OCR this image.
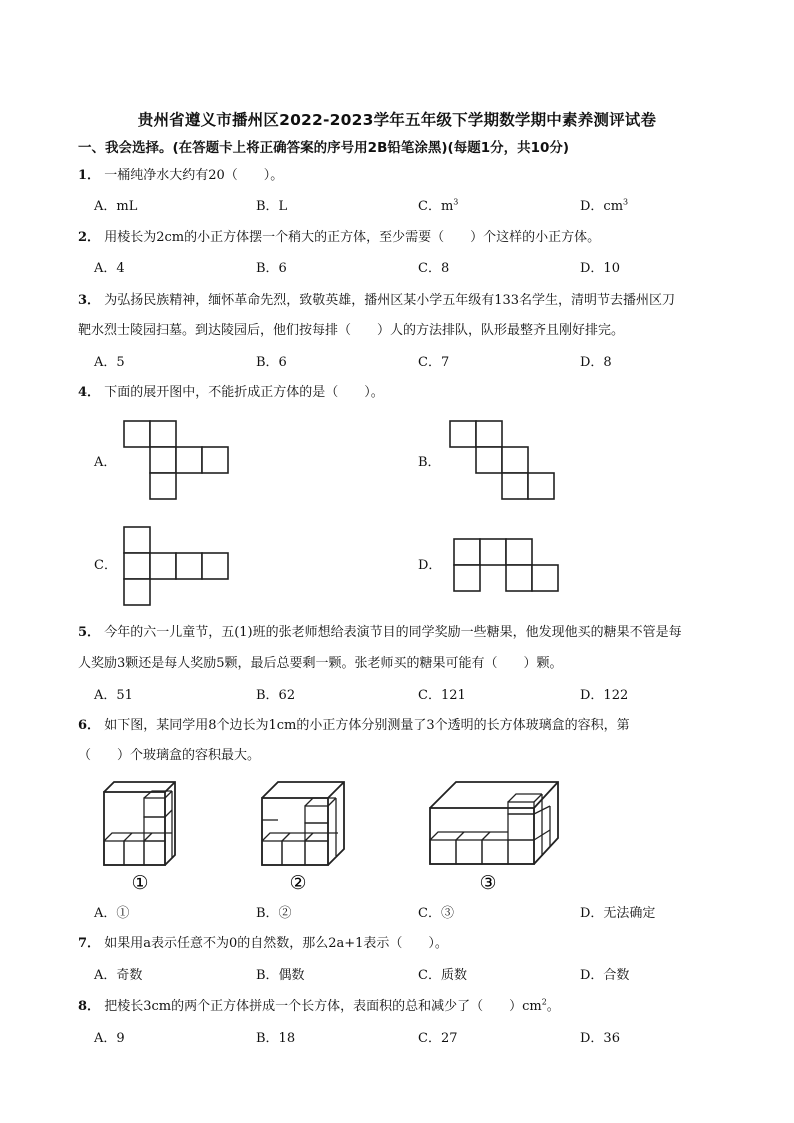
贵州省遵义市播州区2022-2023学年五年级下学期数学期中素养测评试卷
一、我会选择。(在答题卡上将正确答案的序号用2B铅笔涂黑)(每题1分，共10分)
1． 一桶纯净水大约有20（　　）。
A．mL	B．L	C．$m^3$	D．$cm^3$
2． 用棱长为2cm的小正方体摆一个稍大的正方体，至少需要（　　）个这样的小正方体。
A．4	B．6	C．8	D．10
3． 为弘扬民族精神，缅怀革命先烈，致敬英雄，播州区某小学五年级有133名学生，清明节去播州区刀
靶水烈士陵园扫墓。到达陵园后，他们按每排（　　）人的方法排队，队形最整齐且刚好排完。
A．5	B．6	C．7	D．8
4． 下面的展开图中，不能折成正方体的是（　　）。
A．	B．
C．	D．
5． 今年的六一儿童节，五(1)班的张老师想给表演节目的同学奖励一些糖果，他发现他买的糖果不管是每
人奖励3颗还是每人奖励5颗，最后总要剩一颗。张老师买的糖果可能有（　　）颗。
A．51	B．62	C．121	D．122
6． 如下图，某同学用8个边长为1cm的小正方体分别测量了3个透明的长方体玻璃盒的容积，第
（　　）个玻璃盒的容积最大。
①	②	③
A．①	B．②	C．③	D．无法确定
7． 如果用a表示任意不为0的自然数，那么2a+1表示（　　）。
A．奇数	B．偶数	C．质数	D．合数
8． 把棱长3cm的两个正方体拼成一个长方体，表面积的总和减少了（　　）$cm^2$。
A．9	B．18	C．27	D．36
